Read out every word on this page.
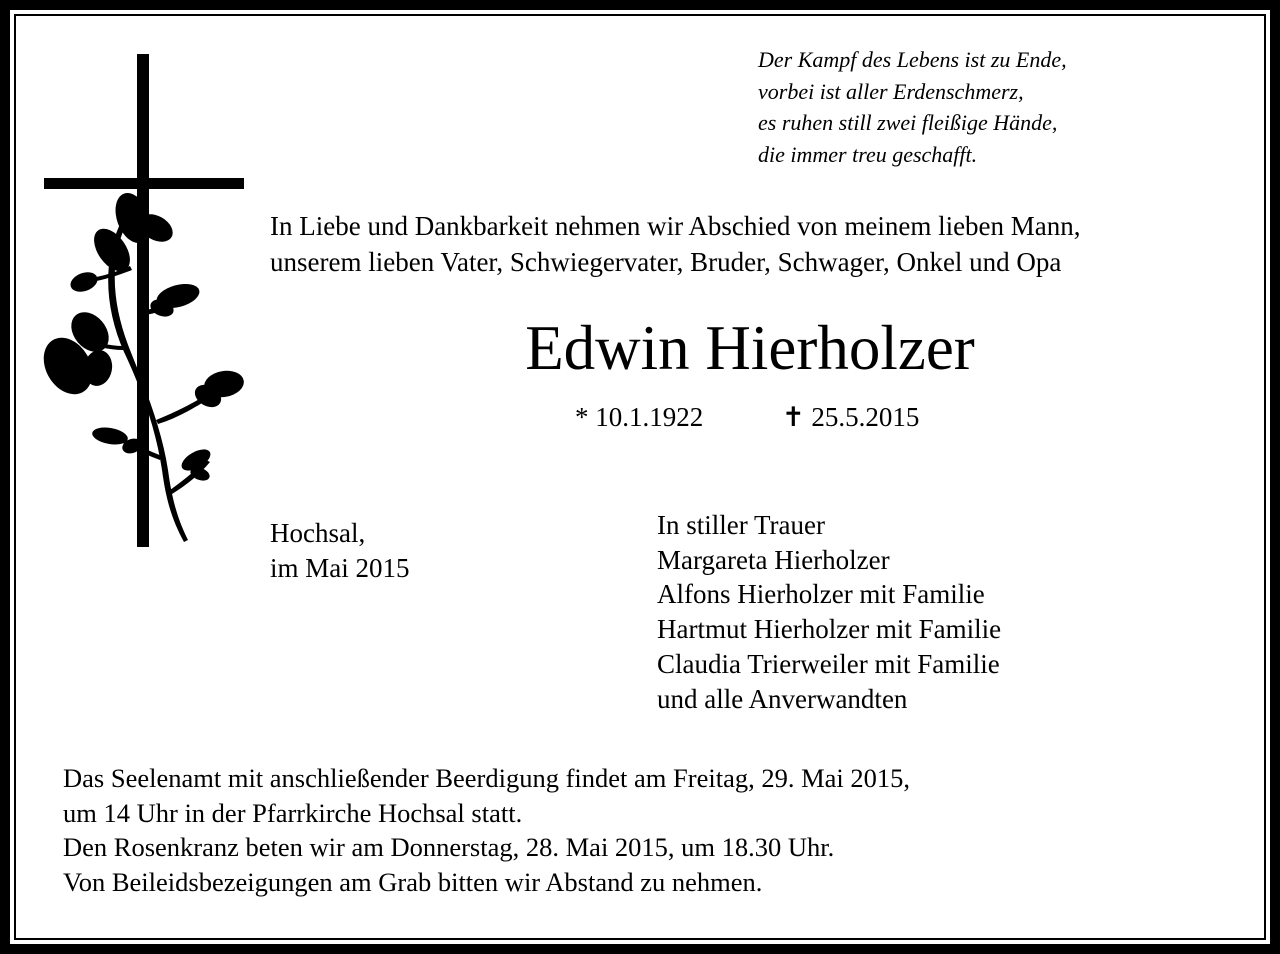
Der Kampf des Lebens ist zu Ende,
vorbei ist aller Erdenschmerz,
es ruhen still zwei fleißige Hände,
die immer treu geschafft.
In Liebe und Dankbarkeit nehmen wir Abschied von meinem lieben Mann,
unserem lieben Vater, Schwiegervater, Bruder, Schwager, Onkel und Opa
Edwin Hierholzer
* 10.1.1922	✝ 25.5.2015
Hochsal,
im Mai 2015
In stiller Trauer
Margareta Hierholzer
Alfons Hierholzer mit Familie
Hartmut Hierholzer mit Familie
Claudia Trierweiler mit Familie
und alle Anverwandten
Das Seelenamt mit anschließender Beerdigung findet am Freitag, 29. Mai 2015,
um 14 Uhr in der Pfarrkirche Hochsal statt.
Den Rosenkranz beten wir am Donnerstag, 28. Mai 2015, um 18.30 Uhr.
Von Beileidsbezeigungen am Grab bitten wir Abstand zu nehmen.
